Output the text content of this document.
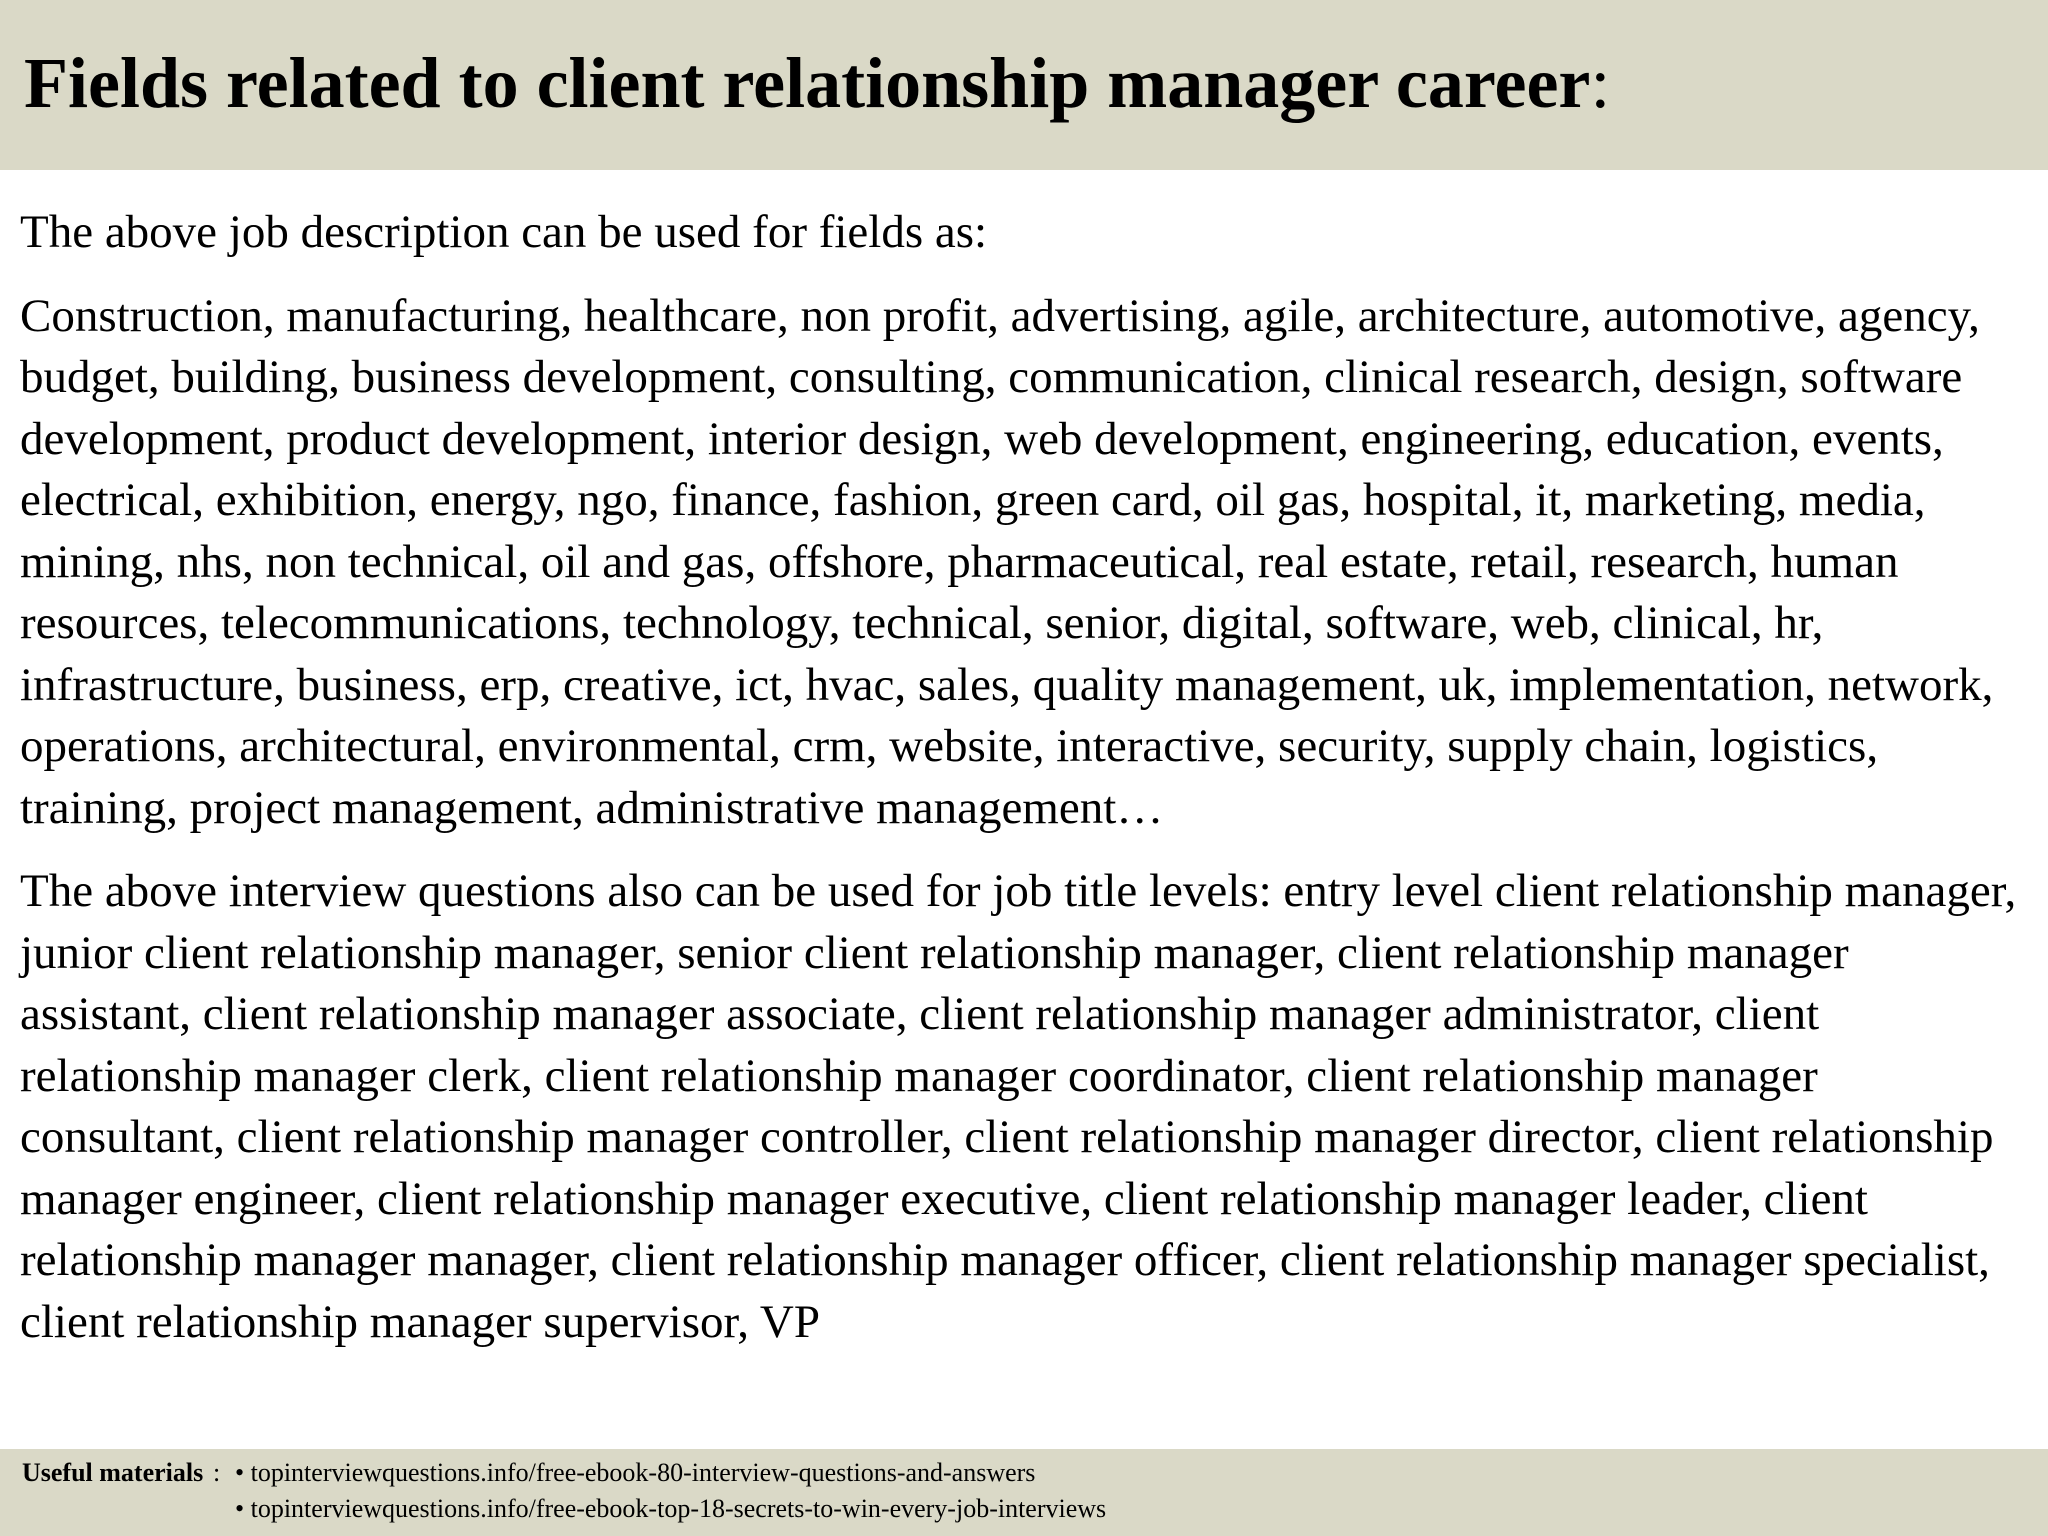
Fields related to client relationship manager career:

The above job description can be used for fields as:

Construction, manufacturing, healthcare, non profit, advertising, agile, architecture, automotive, agency, budget, building, business development, consulting, communication, clinical research, design, software development, product development, interior design, web development, engineering, education, events, electrical, exhibition, energy, ngo, finance, fashion, green card, oil gas, hospital, it, marketing, media, mining, nhs, non technical, oil and gas, offshore, pharmaceutical, real estate, retail, research, human resources, telecommunications, technology, technical, senior, digital, software, web, clinical, hr, infrastructure, business, erp, creative, ict, hvac, sales, quality management, uk, implementation, network, operations, architectural, environmental, crm, website, interactive, security, supply chain, logistics, training, project management, administrative management…

The above interview questions also can be used for job title levels: entry level client relationship manager, junior client relationship manager, senior client relationship manager, client relationship manager assistant, client relationship manager associate, client relationship manager administrator, client relationship manager clerk, client relationship manager coordinator, client relationship manager consultant, client relationship manager controller, client relationship manager director, client relationship manager engineer, client relationship manager executive, client relationship manager leader, client relationship manager manager, client relationship manager officer, client relationship manager specialist, client relationship manager supervisor, VP

Useful materials : • topinterviewquestions.info/free-ebook-80-interview-questions-and-answers
• topinterviewquestions.info/free-ebook-top-18-secrets-to-win-every-job-interviews
